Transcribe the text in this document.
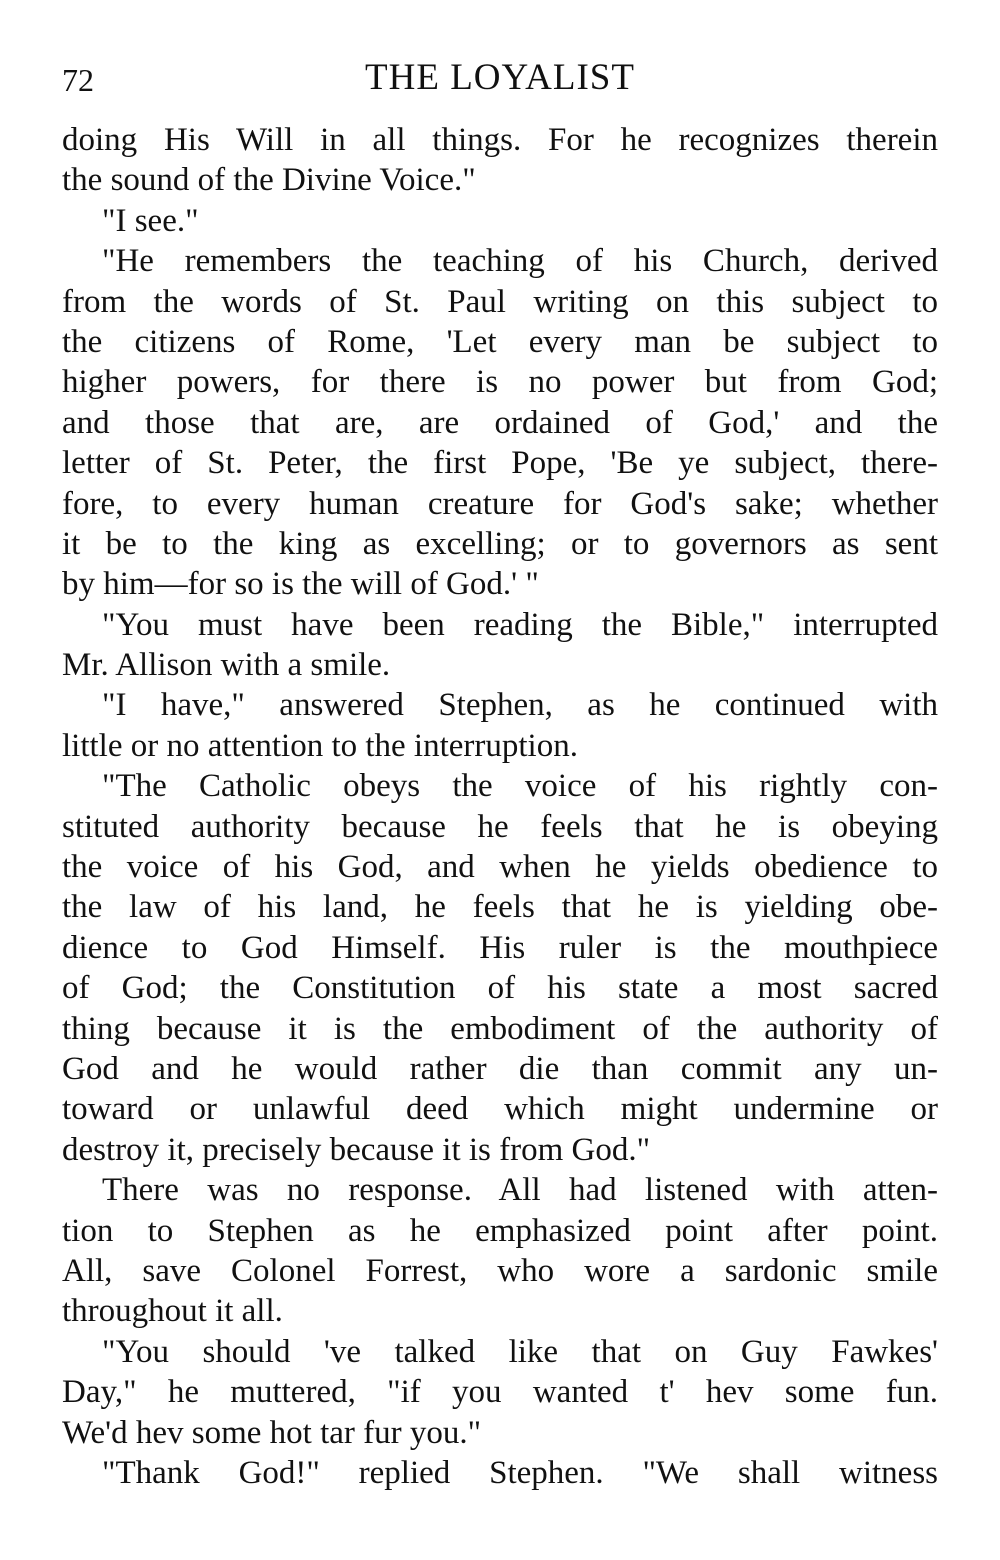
72	THE LOYALIST
doing His Will in all things. For he recognizes therein
the sound of the Divine Voice."
"I see."
"He remembers the teaching of his Church, derived
from the words of St. Paul writing on this subject to
the citizens of Rome, 'Let every man be subject to
higher powers, for there is no power but from God;
and those that are, are ordained of God,' and the
letter of St. Peter, the first Pope, 'Be ye subject, there-
fore, to every human creature for God's sake; whether
it be to the king as excelling; or to governors as sent
by him—for so is the will of God.' "
"You must have been reading the Bible," interrupted
Mr. Allison with a smile.
"I have," answered Stephen, as he continued with
little or no attention to the interruption.
"The Catholic obeys the voice of his rightly con-
stituted authority because he feels that he is obeying
the voice of his God, and when he yields obedience to
the law of his land, he feels that he is yielding obe-
dience to God Himself. His ruler is the mouthpiece
of God; the Constitution of his state a most sacred
thing because it is the embodiment of the authority of
God and he would rather die than commit any un-
toward or unlawful deed which might undermine or
destroy it, precisely because it is from God."
There was no response. All had listened with atten-
tion to Stephen as he emphasized point after point.
All, save Colonel Forrest, who wore a sardonic smile
throughout it all.
"You should 've talked like that on Guy Fawkes'
Day," he muttered, "if you wanted t' hev some fun.
We'd hev some hot tar fur you."
"Thank God!" replied Stephen. "We shall witness
